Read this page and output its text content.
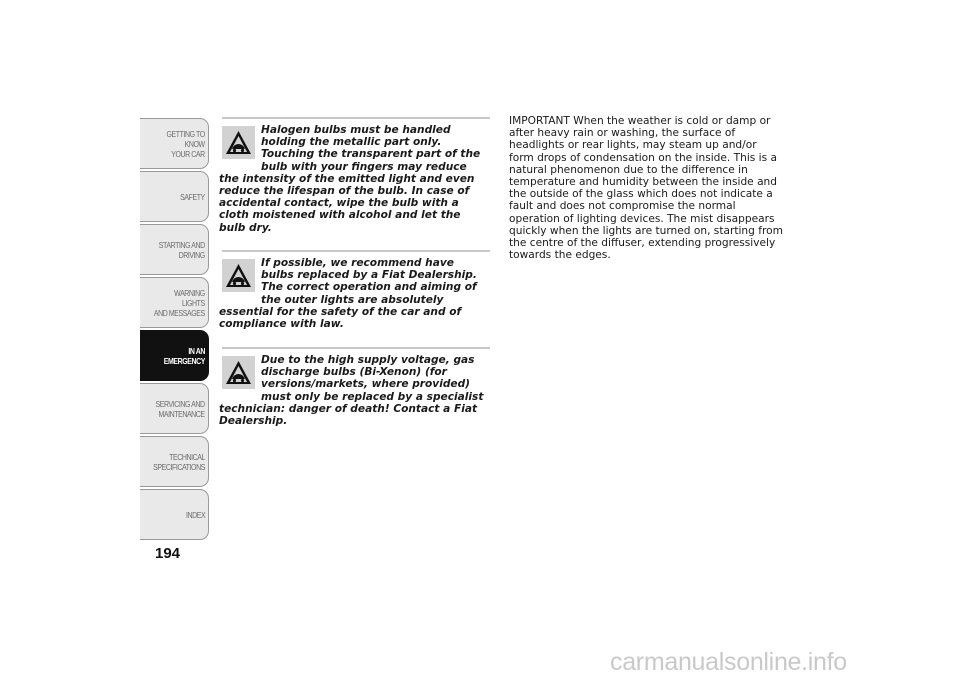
GETTING TO KNOW
YOUR CAR
SAFETY
STARTING AND
DRIVING
WARNING LIGHTS
AND MESSAGES
IN AN
EMERGENCY
SERVICING AND
MAINTENANCE
TECHNICAL
SPECIFICATIONS
INDEX
194
Halogen bulbs must be handled holding the metallic part only. Touching the transparent part of the bulb with your fingers may reduce the intensity of the emitted light and even reduce the lifespan of the bulb. In case of accidental contact, wipe the bulb with a cloth moistened with alcohol and let the bulb dry.
If possible, we recommend have bulbs replaced by a Fiat Dealership. The correct operation and aiming of the outer lights are absolutely essential for the safety of the car and of compliance with law.
Due to the high supply voltage, gas discharge bulbs (Bi-Xenon) (for versions/markets, where provided) must only be replaced by a specialist technician: danger of death! Contact a Fiat Dealership.
IMPORTANT When the weather is cold or damp or after heavy rain or washing, the surface of headlights or rear lights, may steam up and/or form drops of condensation on the inside. This is a natural phenomenon due to the difference in temperature and humidity between the inside and the outside of the glass which does not indicate a fault and does not compromise the normal operation of lighting devices. The mist disappears quickly when the lights are turned on, starting from the centre of the diffuser, extending progressively towards the edges.
carmanualsonline.info
